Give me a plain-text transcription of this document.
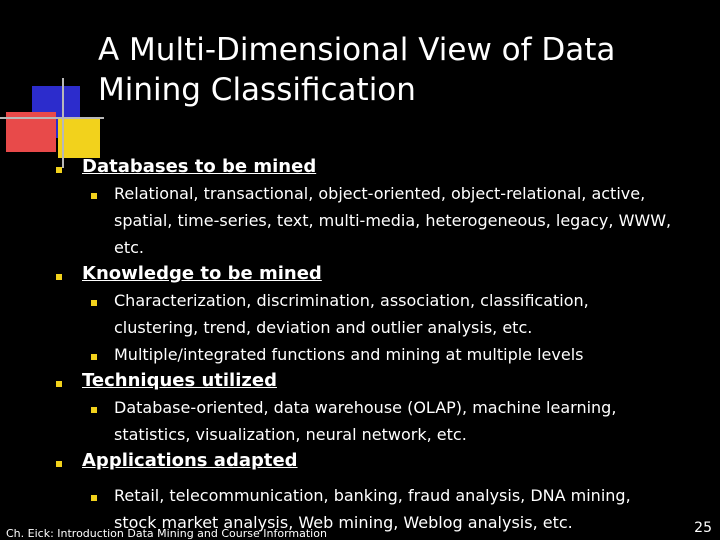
A Multi-Dimensional View of Data
Mining Classification
Databases to be mined
Relational, transactional, object-oriented, object-relational, active, spatial, time-series, text, multi-media, heterogeneous, legacy, WWW, etc.
Knowledge to be mined
Characterization, discrimination, association, classification, clustering, trend, deviation and outlier analysis, etc.
Multiple/integrated functions and mining at multiple levels
Techniques utilized
Database-oriented, data warehouse (OLAP), machine learning, statistics, visualization, neural network, etc.
Applications adapted
Retail, telecommunication, banking, fraud analysis, DNA mining, stock market analysis, Web mining, Weblog analysis, etc.
Ch. Eick: Introduction Data Mining and Course Information	25
